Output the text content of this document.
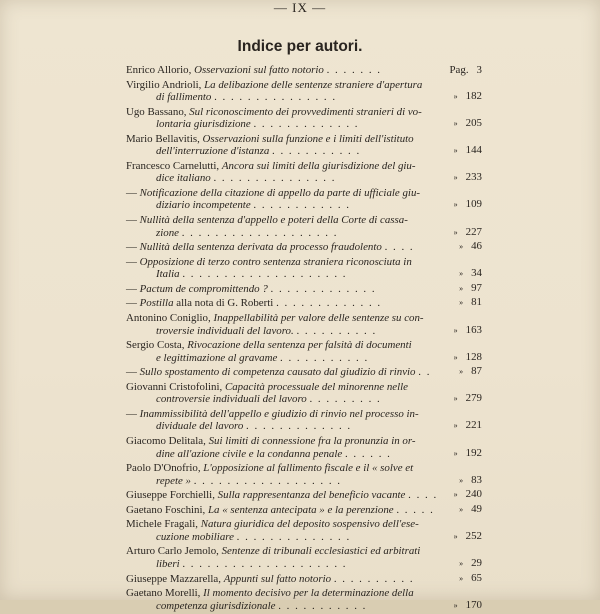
— IX —
Indice per autori.
Enrico Allorio, Osservazioni sul fatto notorio . . . . . . .	Pag. 3
Virgilio Andrioli, La delibazione delle sentenze straniere d'apertura
di fallimento . . . . . . . . . . . . . . .	» 182
Ugo Bassano, Sul riconoscimento dei provvedimenti stranieri di vo-
lontaria giurisdizione . . . . . . . . . . . . .	» 205
Mario Bellavitis, Osservazioni sulla funzione e i limiti dell'istituto
dell'interruzione d'istanza . . . . . . . . . . .	» 144
Francesco Carnelutti, Ancora sui limiti della giurisdizione del giu-
dice italiano . . . . . . . . . . . . . . .	» 233
— Notificazione della citazione di appello da parte di ufficiale giu-
diziario incompetente . . . . . . . . . . . .	» 109
— Nullità della sentenza d'appello e poteri della Corte di cassa-
zione . . . . . . . . . . . . . . . . . . .	» 227
— Nullità della sentenza derivata da processo fraudolento . . . .	» 46
— Opposizione di terzo contro sentenza straniera riconosciuta in
Italia . . . . . . . . . . . . . . . . . . . .	» 34
— Pactum de compromittendo ? . . . . . . . . . . . . .	» 97
— Postilla alla nota di G. Roberti . . . . . . . . . . . . .	» 81
Antonino Coniglio, Inappellabilità per valore delle sentenze su con-
troversie individuali del lavoro. . . . . . . . . . .	» 163
Sergio Costa, Rivocazione della sentenza per falsità di documenti
e legittimazione al gravame . . . . . . . . . . .	» 128
— Sullo spostamento di competenza causato dal giudizio di rinvio . .	» 87
Giovanni Cristofolini, Capacità processuale del minorenne nelle
controversie individuali del lavoro . . . . . . . . .	» 279
— Inammissibilità dell'appello e giudizio di rinvio nel processo in-
dividuale del lavoro . . . . . . . . . . . . .	» 221
Giacomo Delitala, Sui limiti di connessione fra la pronunzia in or-
dine all'azione civile e la condanna penale . . . . . .	» 192
Paolo D'Onofrio, L'opposizione al fallimento fiscale e il « solve et
repete » . . . . . . . . . . . . . . . . . .	» 83
Giuseppe Forchielli, Sulla rappresentanza del beneficio vacante . . . .	» 240
Gaetano Foschini, La « sentenza antecipata » e la perenzione . . . . .	» 49
Michele Fragali, Natura giuridica del deposito sospensivo dell'ese-
cuzione mobiliare . . . . . . . . . . . . . .	» 252
Arturo Carlo Jemolo, Sentenze di tribunali ecclesiastici ed arbitrati
liberi . . . . . . . . . . . . . . . . . . . .	» 29
Giuseppe Mazzarella, Appunti sul fatto notorio . . . . . . . . . .	» 65
Gaetano Morelli, Il momento decisivo per la determinazione della
competenza giurisdizionale . . . . . . . . . . .	» 170
